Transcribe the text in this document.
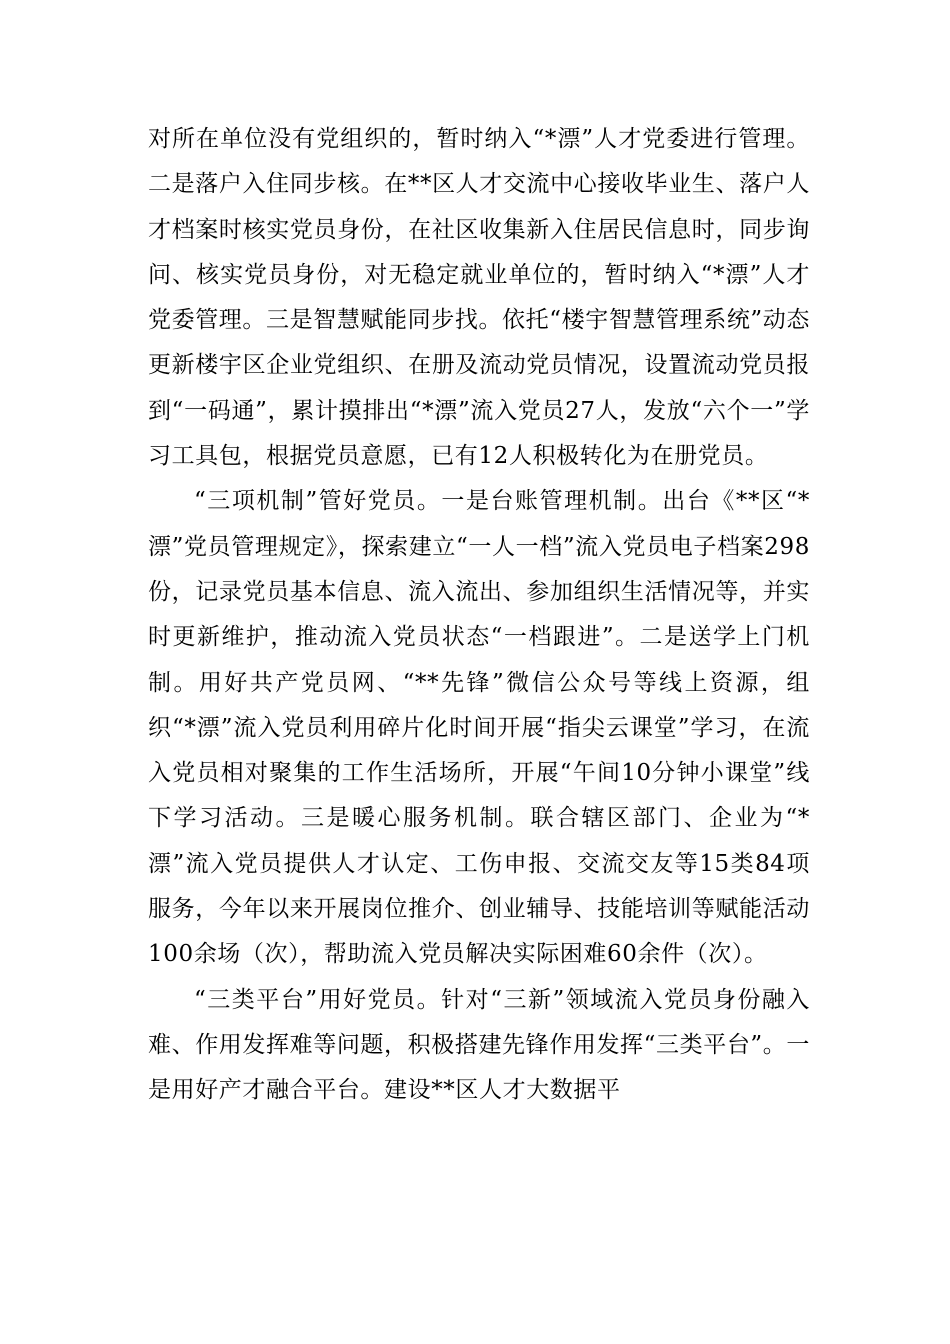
对所在单位没有党组织的，暂时纳入“*漂”人才党委进行管理。二是落户入住同步核。在**区人才交流中心接收毕业生、落户人才档案时核实党员身份，在社区收集新入住居民信息时，同步询问、核实党员身份，对无稳定就业单位的，暂时纳入“*漂”人才党委管理。三是智慧赋能同步找。依托“楼宇智慧管理系统”动态更新楼宇区企业党组织、在册及流动党员情况，设置流动党员报到“一码通”，累计摸排出“*漂”流入党员27人，发放“六个一”学习工具包，根据党员意愿，已有12人积极转化为在册党员。

“三项机制”管好党员。一是台账管理机制。出台《**区“*漂”党员管理规定》，探索建立“一人一档”流入党员电子档案298份，记录党员基本信息、流入流出、参加组织生活情况等，并实时更新维护，推动流入党员状态“一档跟进”。二是送学上门机制。用好共产党员网、“**先锋”微信公众号等线上资源，组织“*漂”流入党员利用碎片化时间开展“指尖云课堂”学习，在流入党员相对聚集的工作生活场所，开展“午间10分钟小课堂”线下学习活动。三是暖心服务机制。联合辖区部门、企业为“*漂”流入党员提供人才认定、工伤申报、交流交友等15类84项服务，今年以来开展岗位推介、创业辅导、技能培训等赋能活动100余场（次），帮助流入党员解决实际困难60余件（次）。

“三类平台”用好党员。针对“三新”领域流入党员身份融入难、作用发挥难等问题，积极搭建先锋作用发挥“三类平台”。一是用好产才融合平台。建设**区人才大数据平
